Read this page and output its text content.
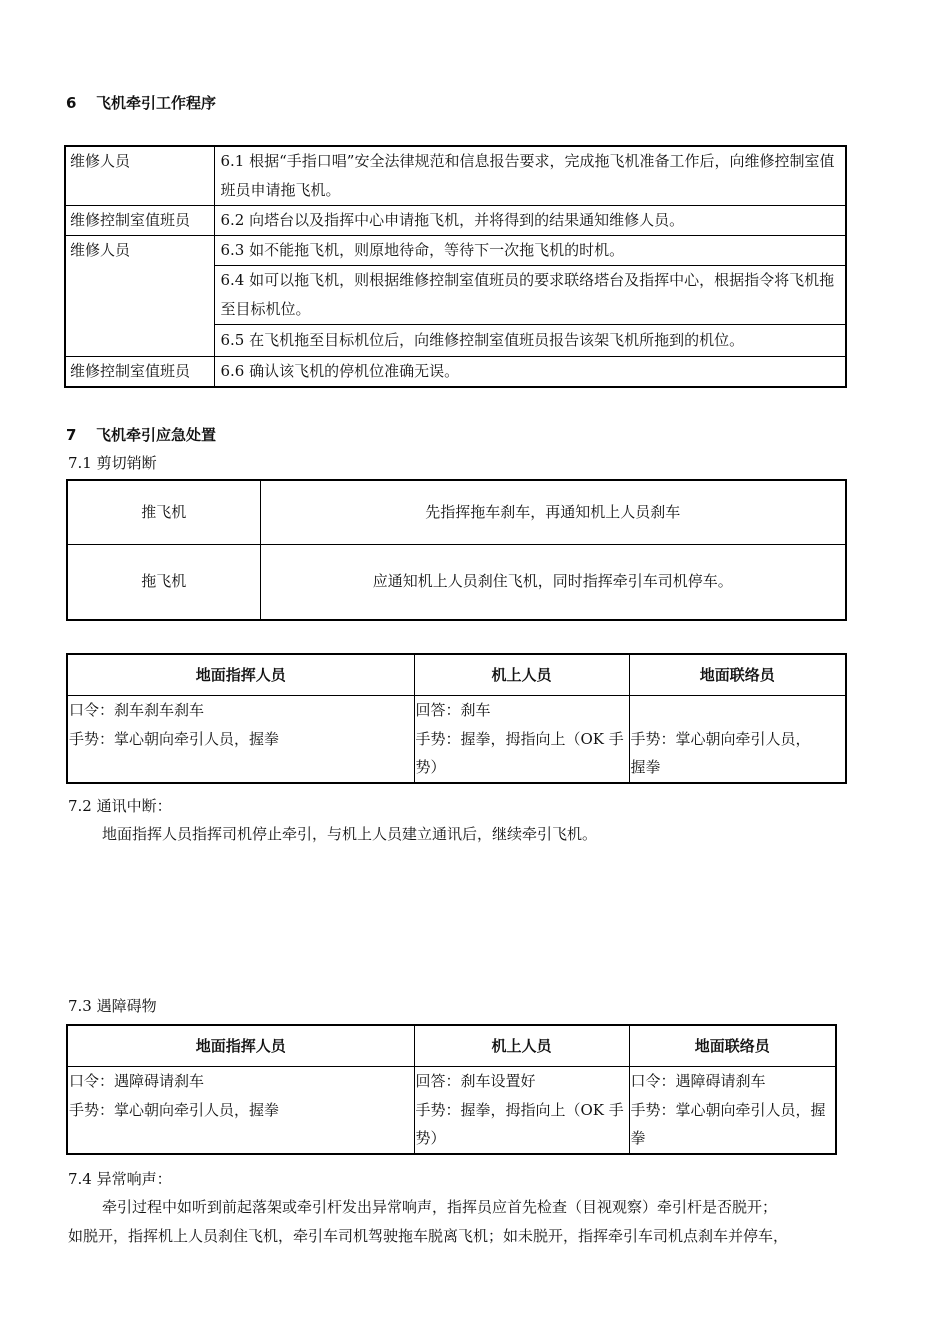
6 飞机牵引工作程序
维修人员	6.1 根据“手指口唱”安全法律规范和信息报告要求，完成拖飞机准备工作后，向维修控制室值班员申请拖飞机。
维修控制室值班员	6.2 向塔台以及指挥中心申请拖飞机，并将得到的结果通知维修人员。
维修人员	6.3 如不能拖飞机，则原地待命，等待下一次拖飞机的时机。
	6.4 如可以拖飞机，则根据维修控制室值班员的要求联络塔台及指挥中心，根据指令将飞机拖至目标机位。
	6.5 在飞机拖至目标机位后，向维修控制室值班员报告该架飞机所拖到的机位。
维修控制室值班员	6.6 确认该飞机的停机位准确无误。
7 飞机牵引应急处置
7.1 剪切销断
推飞机	先指挥拖车刹车，再通知机上人员刹车
拖飞机	应通知机上人员刹住飞机，同时指挥牵引车司机停车。
地面指挥人员	机上人员	地面联络员
口令：刹车刹车刹车	回答：刹车	
手势：掌心朝向牵引人员，握拳	手势：握拳，拇指向上（OK 手	手势：掌心朝向牵引人员，
	势）	握拳
7.2 通讯中断：
地面指挥人员指挥司机停止牵引，与机上人员建立通讯后，继续牵引飞机。
7.3 遇障碍物
地面指挥人员	机上人员	地面联络员
口令：遇障碍请刹车	回答：刹车设置好	口令：遇障碍请刹车
手势：掌心朝向牵引人员，握拳	手势：握拳，拇指向上（OK 手	手势：掌心朝向牵引人员，握
	势）	拳
7.4 异常响声：
牵引过程中如听到前起落架或牵引杆发出异常响声，指挥员应首先检查（目视观察）牵引杆是否脱开；
如脱开，指挥机上人员刹住飞机，牵引车司机驾驶拖车脱离飞机；如未脱开，指挥牵引车司机点刹车并停车，
